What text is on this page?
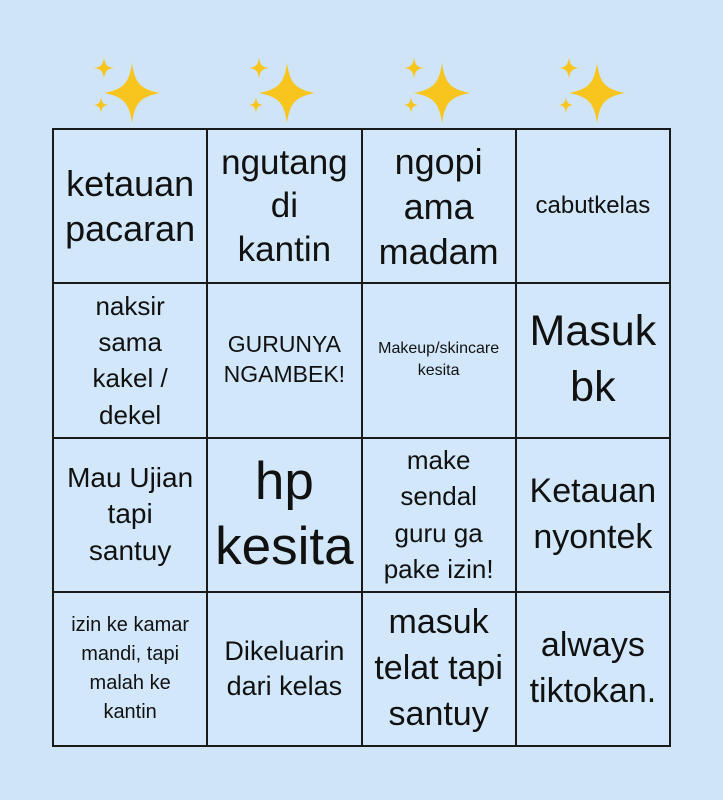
ketauan
pacaran
ngutang
di
kantin
ngopi
ama
madam
cabutkelas
naksir
sama
kakel /
dekel
GURUNYA
NGAMBEK!
Makeup/skincare
kesita
Masuk
bk
Mau Ujian
tapi
santuy
hp
kesita
make
sendal
guru ga
pake izin!
Ketauan
nyontek
izin ke kamar
mandi, tapi
malah ke
kantin
Dikeluarin
dari kelas
masuk
telat tapi
santuy
always
tiktokan.
